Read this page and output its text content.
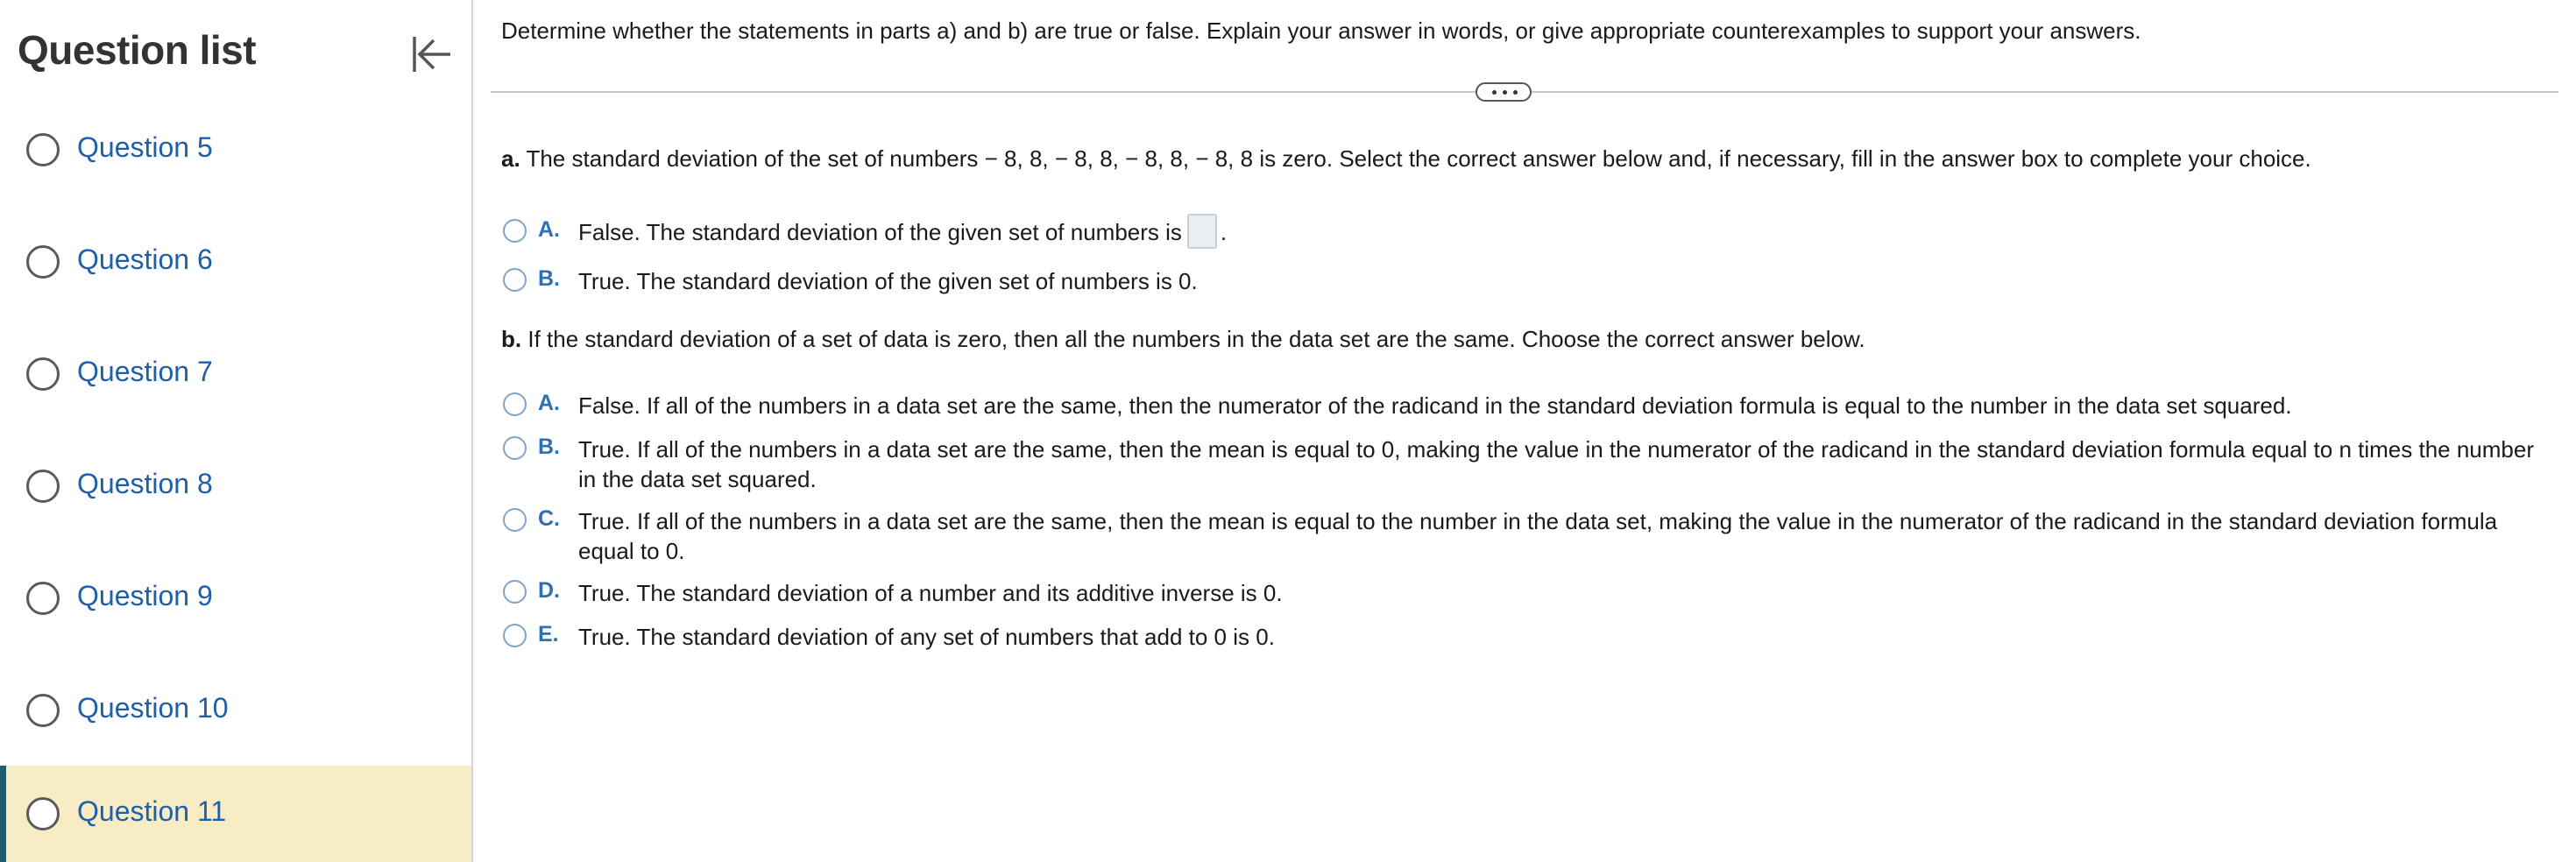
Question list
Question 5
Question 6
Question 7
Question 8
Question 9
Question 10
Question 11
Determine whether the statements in parts a) and b) are true or false. Explain your answer in words, or give appropriate counterexamples to support your answers.
a. The standard deviation of the set of numbers − 8, 8, − 8, 8, − 8, 8, − 8, 8 is zero. Select the correct answer below and, if necessary, fill in the answer box to complete your choice.
A. False. The standard deviation of the given set of numbers is .
B. True. The standard deviation of the given set of numbers is 0.
b. If the standard deviation of a set of data is zero, then all the numbers in the data set are the same. Choose the correct answer below.
A. False. If all of the numbers in a data set are the same, then the numerator of the radicand in the standard deviation formula is equal to the number in the data set squared.
B. True. If all of the numbers in a data set are the same, then the mean is equal to 0, making the value in the numerator of the radicand in the standard deviation formula equal to n times the number in the data set squared.
C. True. If all of the numbers in a data set are the same, then the mean is equal to the number in the data set, making the value in the numerator of the radicand in the standard deviation formula equal to 0.
D. True. The standard deviation of a number and its additive inverse is 0.
E. True. The standard deviation of any set of numbers that add to 0 is 0.
